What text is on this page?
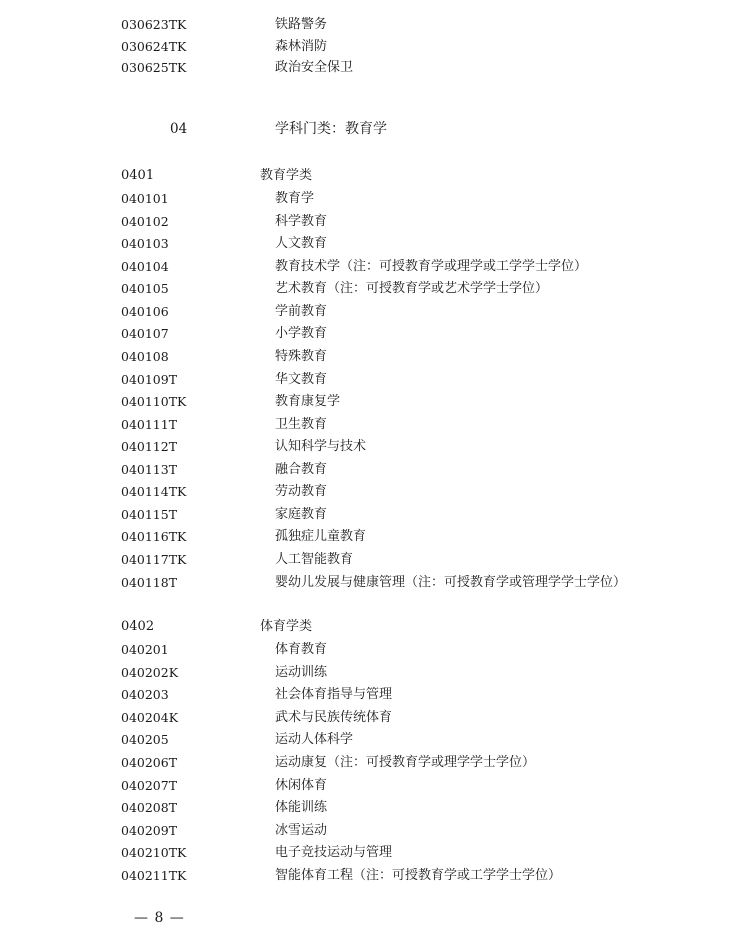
030623TK	铁路警务
030624TK	森林消防
030625TK	政治安全保卫
04	学科门类：教育学
0401	教育学类
040101	教育学
040102	科学教育
040103	人文教育
040104	教育技术学（注：可授教育学或理学或工学学士学位）
040105	艺术教育（注：可授教育学或艺术学学士学位）
040106	学前教育
040107	小学教育
040108	特殊教育
040109T	华文教育
040110TK	教育康复学
040111T	卫生教育
040112T	认知科学与技术
040113T	融合教育
040114TK	劳动教育
040115T	家庭教育
040116TK	孤独症儿童教育
040117TK	人工智能教育
040118T	婴幼儿发展与健康管理（注：可授教育学或管理学学士学位）
0402	体育学类
040201	体育教育
040202K	运动训练
040203	社会体育指导与管理
040204K	武术与民族传统体育
040205	运动人体科学
040206T	运动康复（注：可授教育学或理学学士学位）
040207T	休闲体育
040208T	体能训练
040209T	冰雪运动
040210TK	电子竞技运动与管理
040211TK	智能体育工程（注：可授教育学或工学学士学位）
— 8 —
